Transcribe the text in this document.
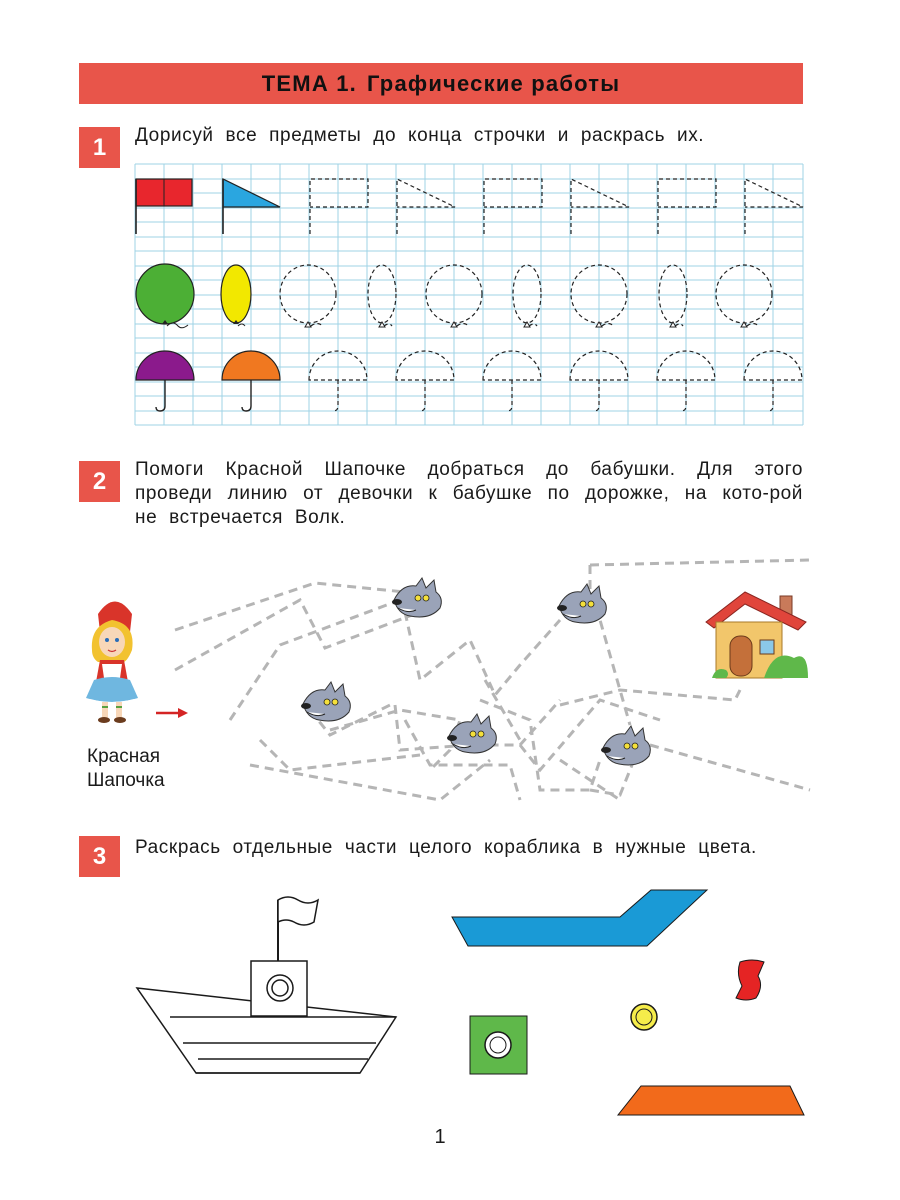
ТЕМА 1. Графические работы
1	Дорисуй все предметы до конца строчки и раскрась их.
2	Помоги Красной Шапочке добраться до бабушки. Для этого проведи линию от девочки к бабушке по дорожке, на кото-рой не встречается Волк.
Красная
Шапочка
3	Раскрась отдельные части целого кораблика в нужные цвета.
1
